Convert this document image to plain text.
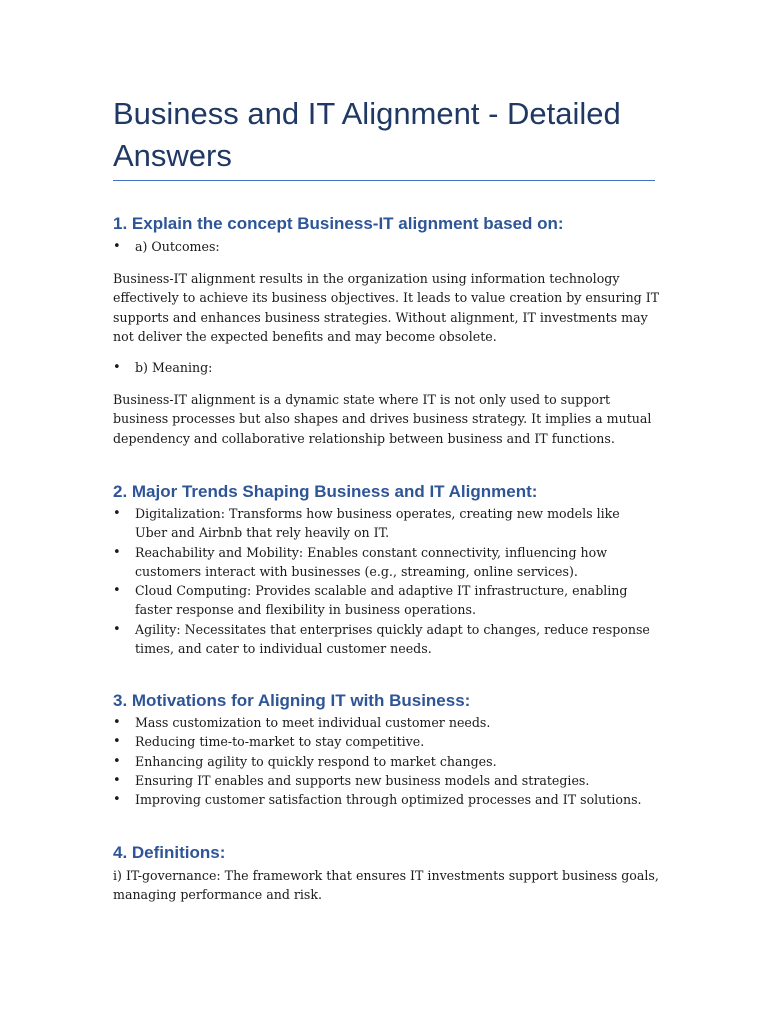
Business and IT Alignment - Detailed Answers
1. Explain the concept Business-IT alignment based on:
• a) Outcomes:

Business-IT alignment results in the organization using information technology effectively to achieve its business objectives. It leads to value creation by ensuring IT supports and enhances business strategies. Without alignment, IT investments may not deliver the expected benefits and may become obsolete.

• b) Meaning:

Business-IT alignment is a dynamic state where IT is not only used to support business processes but also shapes and drives business strategy. It implies a mutual dependency and collaborative relationship between business and IT functions.

2. Major Trends Shaping Business and IT Alignment:
• Digitalization: Transforms how business operates, creating new models like Uber and Airbnb that rely heavily on IT.
• Reachability and Mobility: Enables constant connectivity, influencing how customers interact with businesses (e.g., streaming, online services).
• Cloud Computing: Provides scalable and adaptive IT infrastructure, enabling faster response and flexibility in business operations.
• Agility: Necessitates that enterprises quickly adapt to changes, reduce response times, and cater to individual customer needs.
3. Motivations for Aligning IT with Business:
• Mass customization to meet individual customer needs.
• Reducing time-to-market to stay competitive.
• Enhancing agility to quickly respond to market changes.
• Ensuring IT enables and supports new business models and strategies.
• Improving customer satisfaction through optimized processes and IT solutions.
4. Definitions:

i) IT-governance: The framework that ensures IT investments support business goals, managing performance and risk.
